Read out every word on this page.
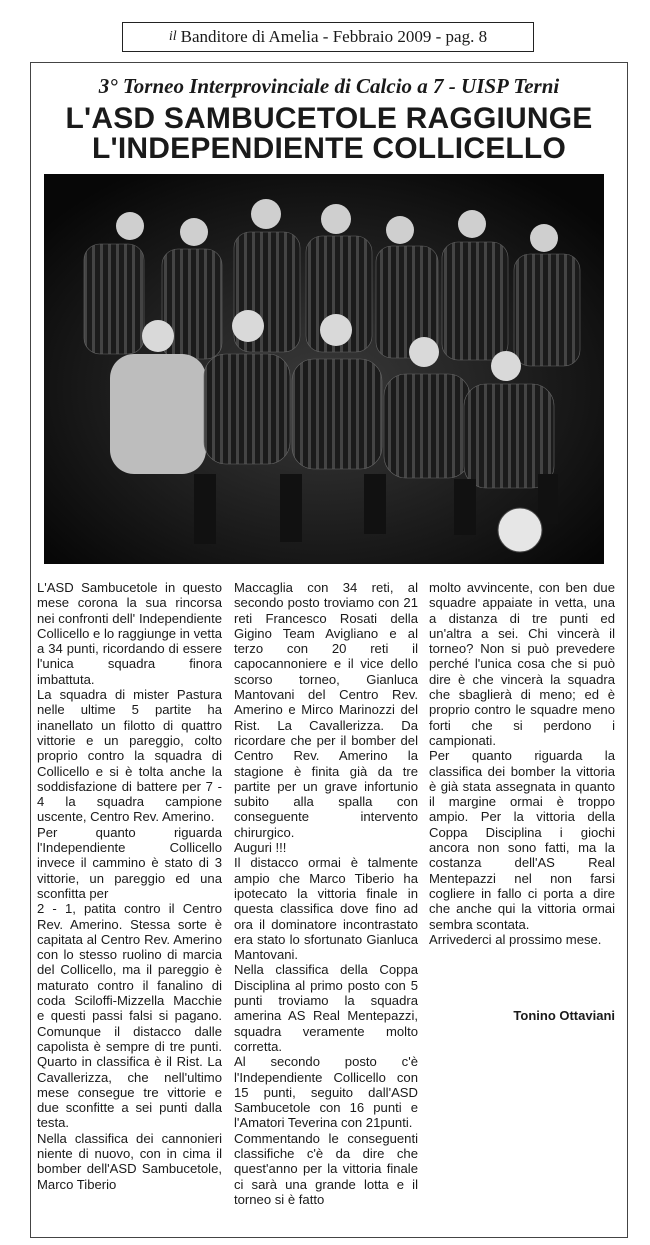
il Banditore di Amelia - Febbraio 2009 - pag. 8
3° Torneo Interprovinciale di Calcio a 7 - UISP Terni
L'ASD SAMBUCETOLE RAGGIUNGE
L'INDEPENDIENTE COLLICELLO

L'ASD Sambucetole in questo mese corona la sua rincorsa nei confronti dell' Independiente Collicello e lo raggiunge in vetta a 34 punti, ricordando di essere l'unica squadra finora imbattuta.

La squadra di mister Pastura nelle ultime 5 partite ha inanellato un filotto di quattro vittorie e un pareggio, colto proprio contro la squadra di Collicello e si è tolta anche la soddisfazione di battere per 7 - 4 la squadra campione uscente, Centro Rev. Amerino.

Per quanto riguarda l'Independiente Collicello invece il cammino è stato di 3 vittorie, un pareggio ed una sconfitta per

2 - 1, patita contro il Centro Rev. Amerino. Stessa sorte è capitata al Centro Rev. Amerino con lo stesso ruolino di marcia del Collicello, ma il pareggio è maturato contro il fanalino di coda Sciloffi-Mizzella Macchie e questi passi falsi si pagano. Comunque il distacco dalle capolista è sempre di tre punti. Quarto in classifica è il Rist. La Cavallerizza, che nell'ultimo mese consegue tre vittorie e due sconfitte a sei punti dalla testa.

Nella classifica dei cannonieri niente di nuovo, con in cima il bomber dell'ASD Sambucetole, Marco Tiberio

Maccaglia con 34 reti, al secondo posto troviamo con 21 reti Francesco Rosati della Gigino Team Avigliano e al terzo con 20 reti il capocannoniere e il vice dello scorso torneo, Gianluca Mantovani del Centro Rev. Amerino e Mirco Marinozzi del Rist. La Cavallerizza. Da ricordare che per il bomber del Centro Rev. Amerino la stagione è finita già da tre partite per un grave infortunio subito alla spalla con conseguente intervento chirurgico.

Auguri !!!

Il distacco ormai è talmente ampio che Marco Tiberio ha ipotecato la vittoria finale in questa classifica dove fino ad ora il dominatore incontrastato era stato lo sfortunato Gianluca Mantovani.

Nella classifica della Coppa Disciplina al primo posto con 5 punti troviamo la squadra amerina AS Real Mentepazzi, squadra veramente molto corretta.

Al secondo posto c'è l'Independiente Collicello con 15 punti, seguito dall'ASD Sambucetole con 16 punti e l'Amatori Teverina con 21punti.

Commentando le conseguenti classifiche c'è da dire che quest'anno per la vittoria finale ci sarà una grande lotta e il torneo si è fatto

molto avvincente, con ben due squadre appaiate in vetta, una a distanza di tre punti ed un'altra a sei. Chi vincerà il torneo? Non si può prevedere perché l'unica cosa che si può dire è che vincerà la squadra che sbaglierà di meno; ed è proprio contro le squadre meno forti che si perdono i campionati.

Per quanto riguarda la classifica dei bomber la vittoria è già stata assegnata in quanto il margine ormai è troppo ampio. Per la vittoria della Coppa Disciplina i giochi ancora non sono fatti, ma la costanza dell'AS Real Mentepazzi nel non farsi cogliere in fallo ci porta a dire che anche qui la vittoria ormai sembra scontata.

Arrivederci al prossimo mese.

Tonino Ottaviani
